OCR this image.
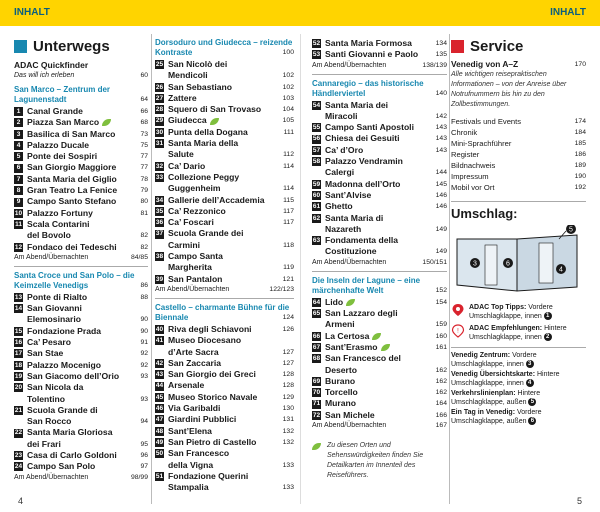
INHALT	INHALT
Unterwegs
ADAC Quickfinder
Das will ich erleben	60
San Marco – Zentrum der Lagunenstadt	64
1 Canal Grande	66
2 Piazza San Marco	68
3 Basilica di San Marco	73
4 Palazzo Ducale	75
5 Ponte dei Sospiri	77
6 San Giorgio Maggiore	77
7 Santa Maria del Giglio	78
8 Gran Teatro La Fenice	79
9 Campo Santo Stefano	80
10 Palazzo Fortuny	81
11 Scala Contarini
del Bovolo	82
12 Fondaco dei Tedeschi	82
Am Abend/Übernachten	84/85
Santa Croce und San Polo – die Keimzelle Venedigs	86
13 Ponte di Rialto	88
14 San Giovanni
Elemosinario	90
15 Fondazione Prada	90
16 Ca’ Pesaro	91
17 San Stae	92
18 Palazzo Mocenigo	92
19 San Giacomo dell’Orio	93
20 San Nicola da
Tolentino	93
21 Scuola Grande di
San Rocco	94
22 Santa Maria Gloriosa
dei Frari	95
23 Casa di Carlo Goldoni	96
24 Campo San Polo	97
Am Abend/Übernachten	98/99
4
Dorsoduro und Giudecca – reizende Kontraste	100
25 San Nicolò dei
Mendicoli	102
26 San Sebastiano	102
27 Zattere	103
28 Squero di San Trovaso	104
29 Giudecca	105
30 Punta della Dogana	111
31 Santa Maria della
Salute	112
32 Ca’ Dario	114
33 Collezione Peggy
Guggenheim	114
34 Gallerie dell’Accademia	115
35 Ca’ Rezzonico	117
36 Ca’ Foscari	117
37 Scuola Grande dei
Carmini	118
38 Campo Santa
Margherita	119
39 San Pantalon	121
Am Abend/Übernachten	122/123
Castello – charmante Bühne für die Biennale	124
40 Riva degli Schiavoni	126
41 Museo Diocesano
d’Arte Sacra	127
42 San Zaccaria	127
43 San Giorgio dei Greci	128
44 Arsenale	128
45 Museo Storico Navale	129
46 Via Garibaldi	130
47 Giardini Pubblici	131
48 Sant’Elena	132
49 San Pietro di Castello	132
50 San Francesco
della Vigna	133
51 Fondazione Querini
Stampalia	133
52 Santa Maria Formosa	134
53 Santi Giovanni e Paolo	135
Am Abend/Übernachten	138/139
Cannaregio – das historische Händlerviertel	140
54 Santa Maria dei
Miracoli	142
55 Campo Santi Apostoli	143
56 Chiesa dei Gesuiti	143
57 Ca’ d’Oro	143
58 Palazzo Vendramin
Calergi	144
59 Madonna dell’Orto	145
60 Sant’Alvise	146
61 Ghetto	146
62 Santa Maria di
Nazareth	149
63 Fondamenta della
Costituzione	149
Am Abend/Übernachten	150/151
Die Inseln der Lagune – eine märchenhafte Welt	152
64 Lido	154
65 San Lazzaro degli
Armeni	159
66 La Certosa	160
67 Sant’Erasmo	161
68 San Francesco del
Deserto	162
69 Burano	162
70 Torcello	162
71 Murano	164
72 San Michele	166
Am Abend/Übernachten	167
Zu diesen Orten und Sehenswürdigkeiten finden Sie Detailkarten im Innenteil des Reiseführers.
Service
Venedig von A–Z	170
Alle wichtigen reisepraktischen Informationen – von der Anreise über Notrufnummern bis hin zu den Zollbestimmungen.
Festivals und Events	174
Chronik	184
Mini-Sprachführer	185
Register	186
Bildnachweis	189
Impressum	190
Mobil vor Ort	192
Umschlag:
3	6
4
5
ADAC Top Tipps: Vordere Umschlagklappe, innen 1
! ADAC Empfehlungen: Hintere Umschlagklappe, innen 2
Venedig Zentrum: Vordere Umschlagklappe, innen 3
Venedig Übersichtskarte: Hintere Umschlagklappe, innen 4
Verkehrslinienplan: Hintere Umschlagklappe, außen 5
Ein Tag in Venedig: Vordere Umschlagklappe, außen 6
5
